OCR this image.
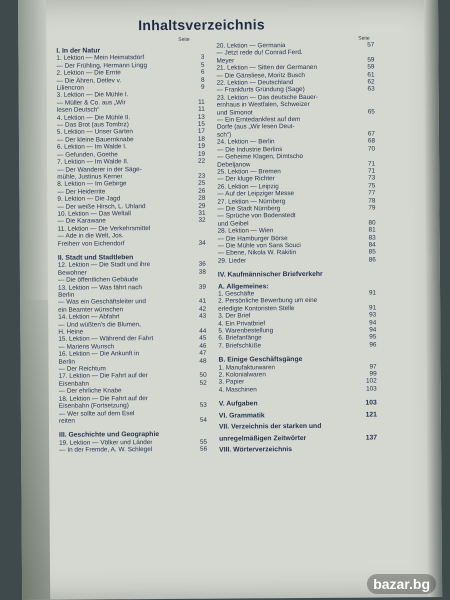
Inhaltsverzeichnis
Seite	Seite
I. In der Natur
1. Lektion — Mein Heimatsdorf	3
— Der Frühling, Hermann Lingg	5
2. Lektion — Die Ernte	6
— Die Ähren, Detlev v.	8
Liliencron	9
3. Lektion — Die Mühle I.
— Müller & Co. aus „Wir	11
lesen Deutsch“	11
4. Lektion — Die Mühle II.	13
— Das Brot (aus Tombrz)	15
5. Lektion — Unser Garten	17
— Der kleine Bauernknabe	18
6. Lektion — Im Walde I.	19
— Gefunden, Goethe	19
7. Lektion — Im Walde II.	22
— Der Wanderer in der Säge-
mühle, Justinus Kerner	23
8. Lektion — Im Gebirge	25
— Der Heiderrite	26
9. Lektion — Die Jagd	28
— Der weiße Hirsch, L. Uhland	29
10. Lektion — Das Weltall	31
— Die Karawane	32
11. Lektion — Die Verkehrsmittel
— Ade in die Welt, Jos.
Freiherr von Eichendorf	34
II. Stadt und Stadtleben
12. Lektion — Die Stadt und ihre	36
Bewohner	38
— Die öffentlichen Gebäude
13. Lektion — Was fährt nach	39
Berlin
— Was ein Geschäftsleiter und	41
ein Beamter wünschen	42
14. Lektion — Abfahrt	43
— Und wüßten's die Blumen,
H. Heine	44
15. Lektion — Während der Fahrt	45
— Mariens Wunsch	46
16. Lektion — Die Ankunft in	47
Berlin	48
— Der Reichtum
17. Lektion — Die Fahrt auf der	50
Eisenbahn	52
— Der ehrliche Knabe
18. Lektion — Die Fahrt auf der
Eisenbahn (Fortsetzung)	53
— Wer sollte auf dem Esel
reiten	54
III. Geschichte und Geographie
19. Lektion — Völker und Länder	55
— In der Fremde, A. W. Schlegel	56
20. Lektion — Germania	57
— Jetzt rede du! Conrad Ferd.
Meyer	59
21. Lektion — Sitten der Germanen	59
— Die Gänsliese, Moritz Busch	61
22. Lektion — Deutschland	62
— Frankfurts Gründung (Sage)	63
23. Lektion — Das deutsche Bauer-
ernhaus in Westfalen, Schweizer
und Simonot	65
— Ein Erntedankfest auf dem
Dorfe (aus „Wir lesen Deut-
sch“)	67
24. Lektion — Berlin	68
— Die Industrie Berlins	70
— Geheime Klagen, Dimtscho
Debeljanow	71
25. Lektion — Bremen	71
— Der kluge Richter	73
26. Lektion — Leipzig	75
— Auf der Leipziger Messe	77
27. Lektion — Nürnberg	78
— Die Stadt Nürnberg	79
— Sprüche von Bodenstedt
und Geibel	80
28. Lektion — Wien	81
— Die Hamburger Börse	83
— Die Mühle von Sans Souci	84
— Ebene, Nikola W. Rakitin	85
29. Lieder	86
IV. Kaufmännischer Briefverkehr
A. Allgemeines:
1. Geschäfte	91
2. Persönliche Bewerbung um eine
erledigte Kontoristen Stelle	91
3. Der Brief	93
4. Ein Privatbrief	94
5. Warenbestellung	94
6. Briefanfänge	95
7. Briefschlüße	96
B. Einige Geschäftsgänge
1. Manufakturwaren	97
2. Kolonialwaren	99
3. Papier	102
4. Maschinen	103
V. Aufgaben	103
VI. Grammatik	121
VII. Verzeichnis der starken und
unregelmäßigen Zeitwörter	137
VIII. Wörterverzeichnis
bazar.bg
